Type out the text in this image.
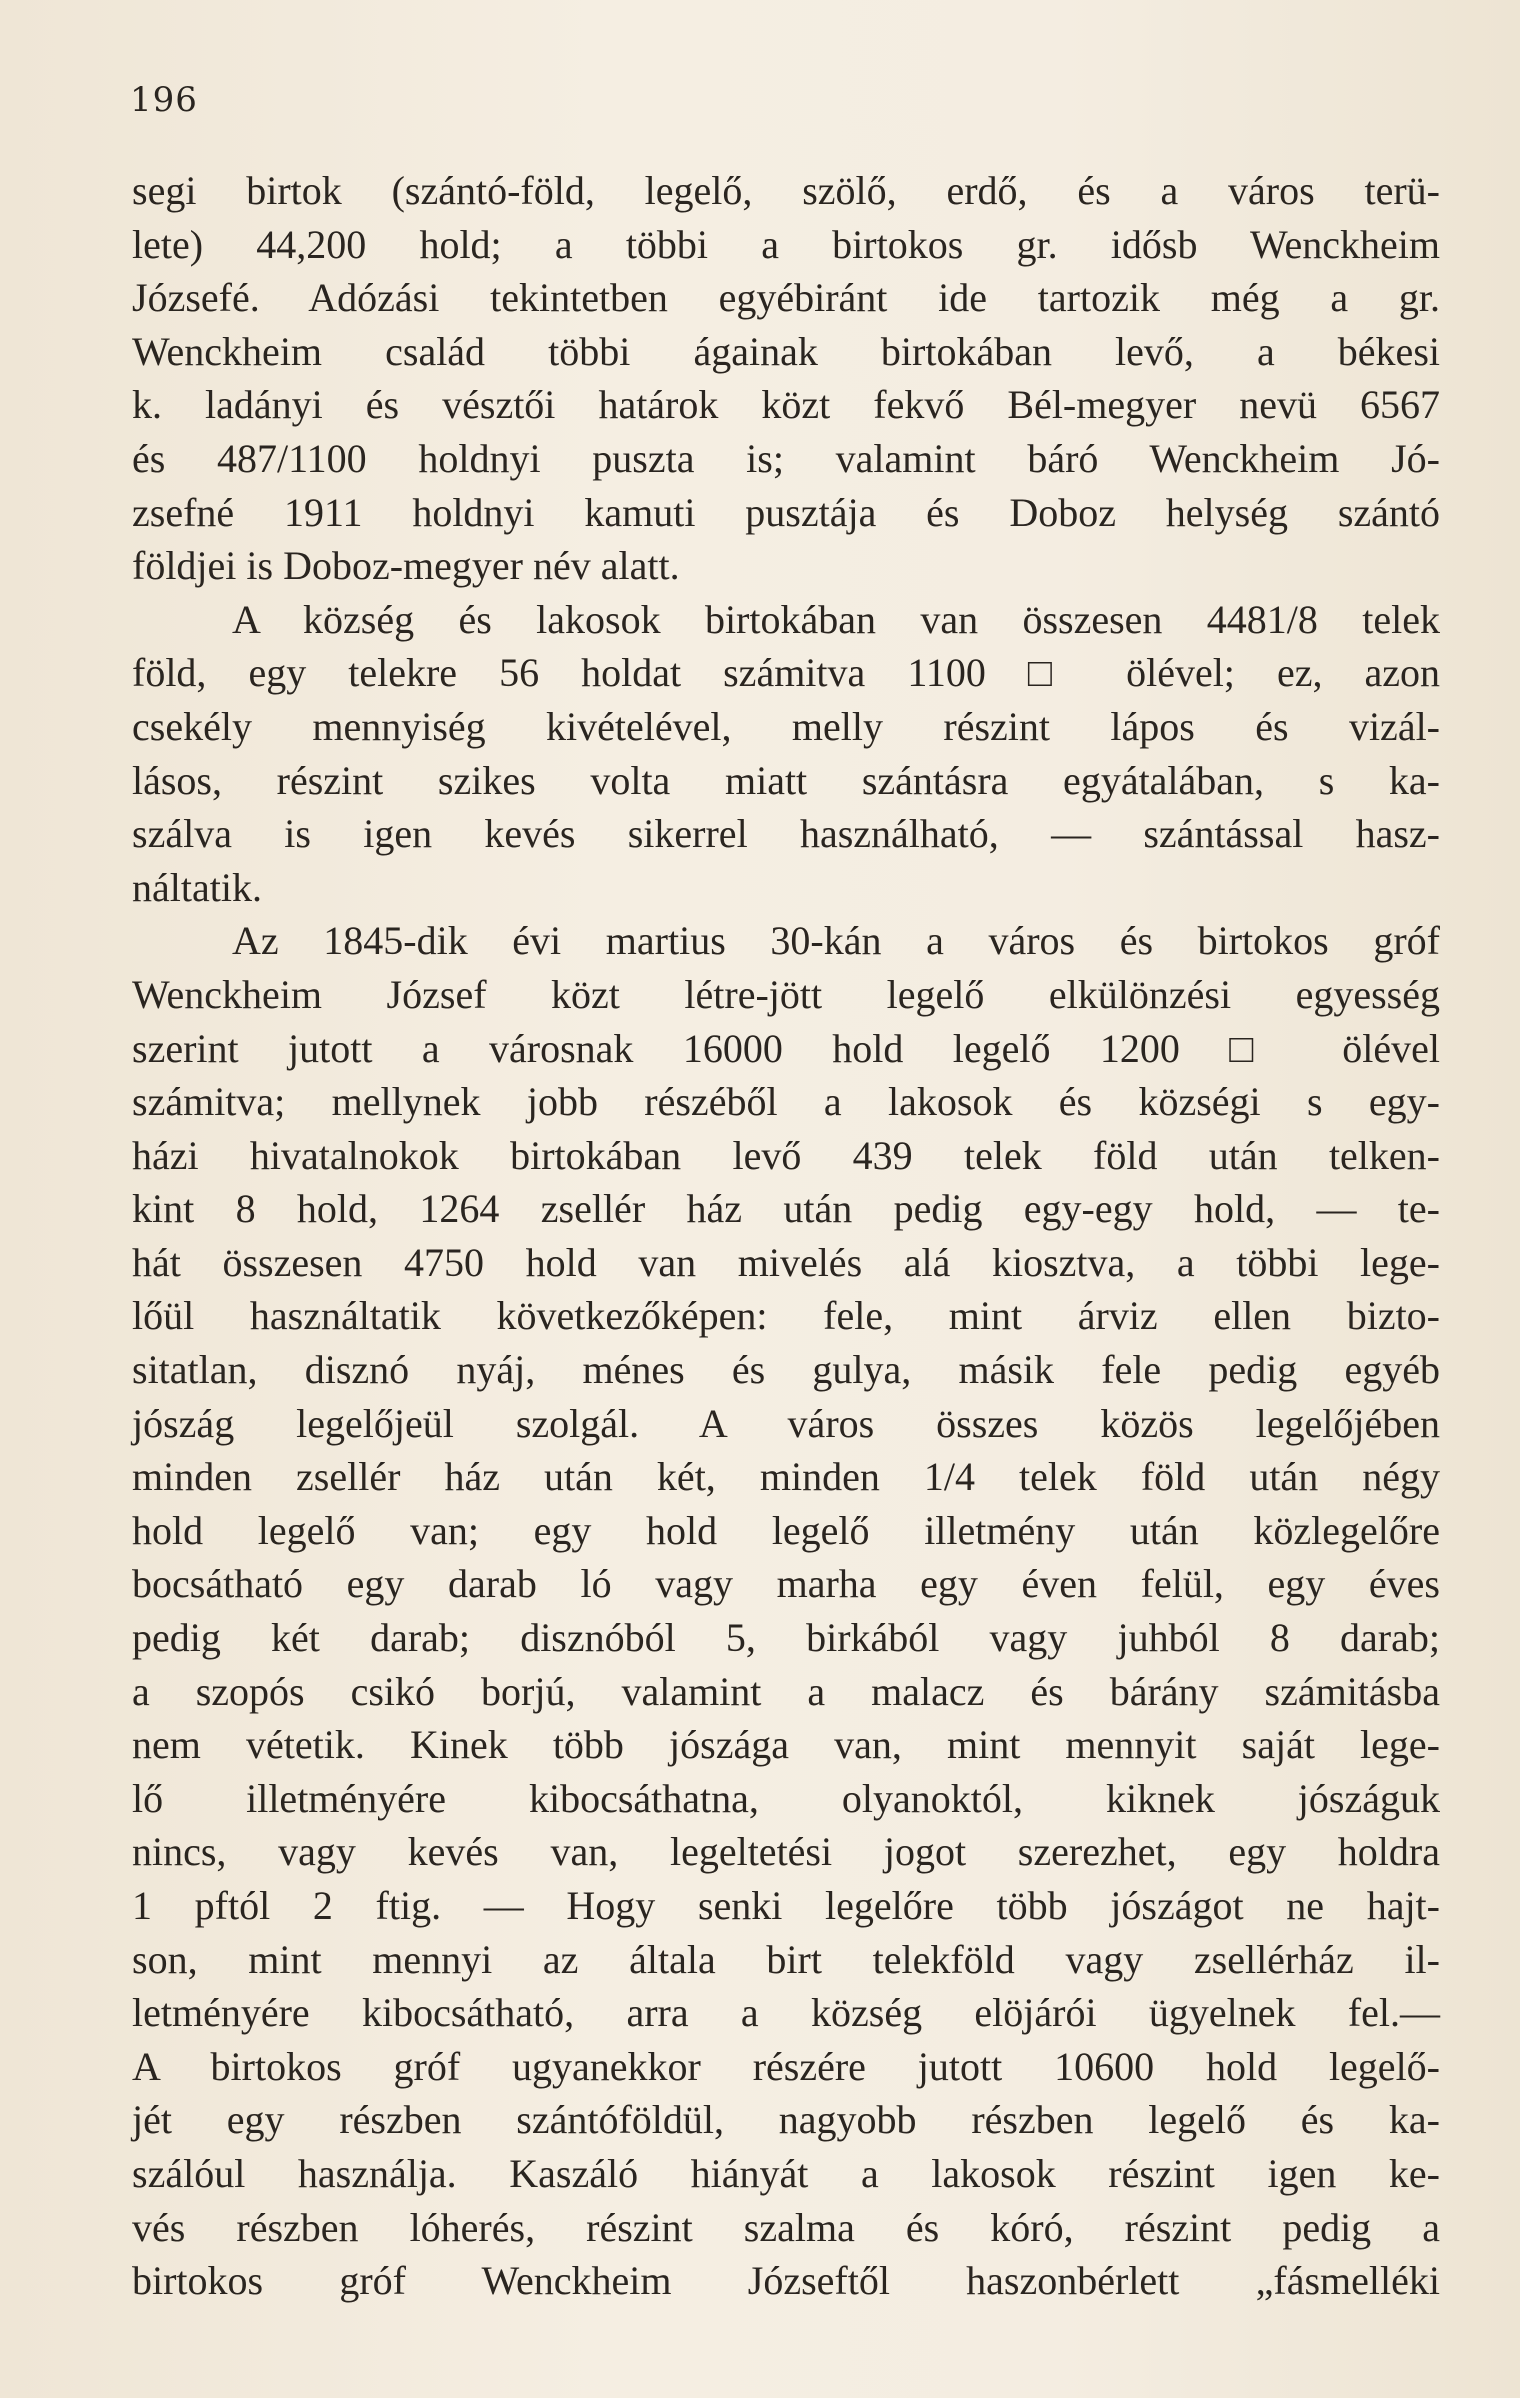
196
segi birtok (szántó-föld, legelő, szölő, erdő, és a város terü-
lete) 44,200 hold; a többi a birtokos gr. idősb Wenckheim
Józsefé. Adózási tekintetben egyébiránt ide tartozik még a gr.
Wenckheim család többi ágainak birtokában levő, a békesi
k. ladányi és vésztői határok közt fekvő Bél-megyer nevü 6567
és 487/1100 holdnyi puszta is; valamint báró Wenckheim Jó-
zsefné 1911 holdnyi kamuti pusztája és Doboz helység szántó
földjei is Doboz-megyer név alatt.
A község és lakosok birtokában van összesen 4481/8 telek
föld, egy telekre 56 holdat számitva 1100 □ ölével; ez, azon
csekély mennyiség kivételével, melly részint lápos és vizál-
lásos, részint szikes volta miatt szántásra egyátalában, s ka-
szálva is igen kevés sikerrel használható, — szántással hasz-
náltatik.
Az 1845-dik évi martius 30-kán a város és birtokos gróf
Wenckheim József közt létre-jött legelő elkülönzési egyesség
szerint jutott a városnak 16000 hold legelő 1200 □ ölével
számitva; mellynek jobb részéből a lakosok és községi s egy-
házi hivatalnokok birtokában levő 439 telek föld után telken-
kint 8 hold, 1264 zsellér ház után pedig egy-egy hold, — te-
hát összesen 4750 hold van mivelés alá kiosztva, a többi lege-
lőül használtatik következőképen: fele, mint árviz ellen bizto-
sitatlan, disznó nyáj, ménes és gulya, másik fele pedig egyéb
jószág legelőjeül szolgál. A város összes közös legelőjében
minden zsellér ház után két, minden 1/4 telek föld után négy
hold legelő van; egy hold legelő illetmény után közlegelőre
bocsátható egy darab ló vagy marha egy éven felül, egy éves
pedig két darab; disznóból 5, birkából vagy juhból 8 darab;
a szopós csikó borjú, valamint a malacz és bárány számitásba
nem vétetik. Kinek több jószága van, mint mennyit saját lege-
lő illetményére kibocsáthatna, olyanoktól, kiknek jószáguk
nincs, vagy kevés van, legeltetési jogot szerezhet, egy holdra
1 pftól 2 ftig. — Hogy senki legelőre több jószágot ne hajt-
son, mint mennyi az általa birt telekföld vagy zsellérház il-
letményére kibocsátható, arra a község elöjárói ügyelnek fel.—
A birtokos gróf ugyanekkor részére jutott 10600 hold legelő-
jét egy részben szántóföldül, nagyobb részben legelő és ka-
szálóul használja. Kaszáló hiányát a lakosok részint igen ke-
vés részben lóherés, részint szalma és kóró, részint pedig a
birtokos gróf Wenckheim Józseftől haszonbérlett „fásmelléki
